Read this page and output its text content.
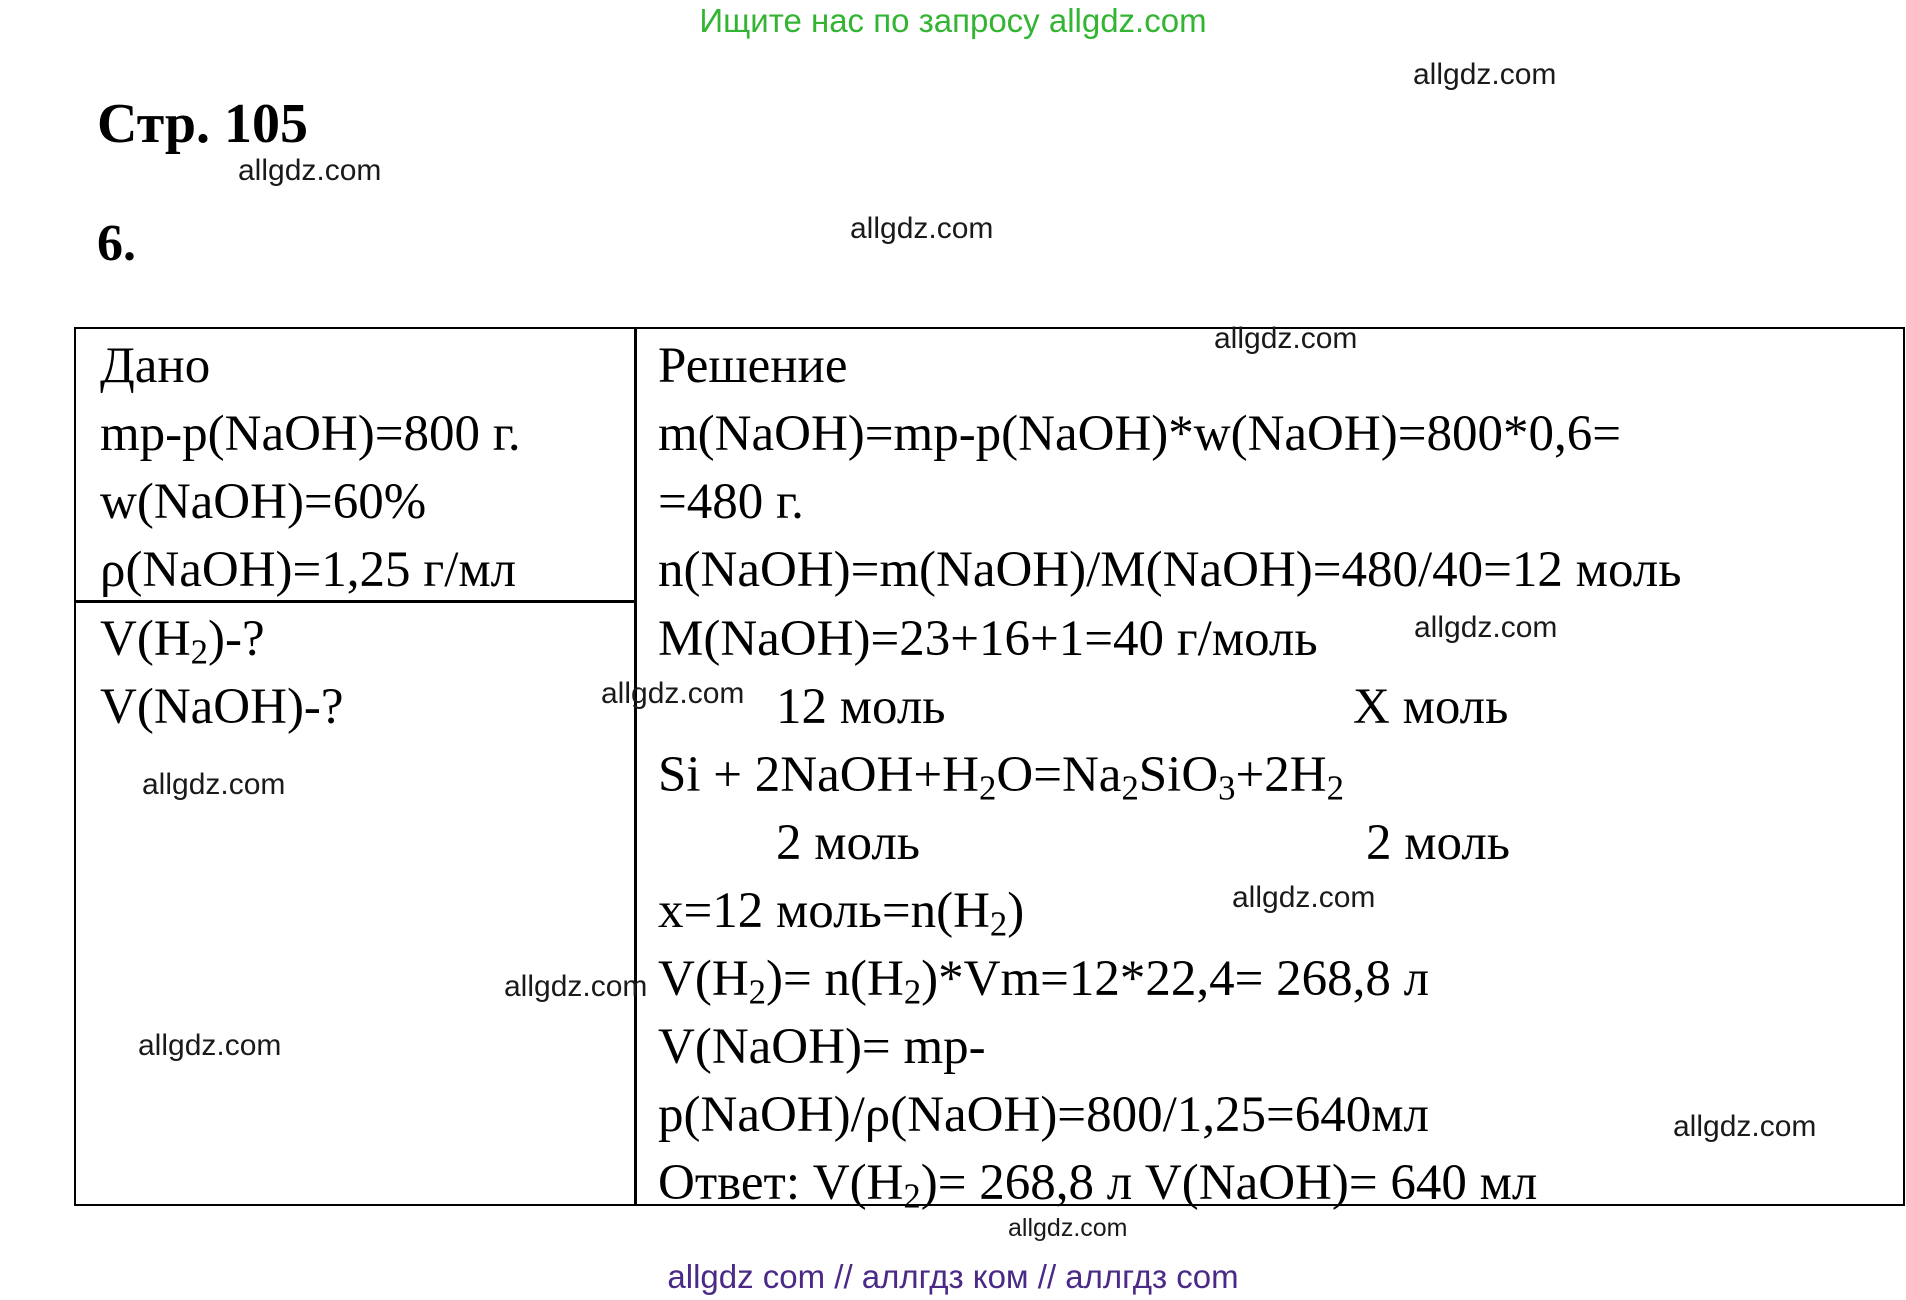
Ищите нас по запросу allgdz.com
allgdz.com
Стр. 105
allgdz.com
6.	allgdz.com
Дано
mр-р(NaOH)=800 г.
w(NaOH)=60%
ρ(NaOH)=1,25 г/мл
$V(H_2)-$?
V(NaOH)-?
Решение
m(NaOH)=mр-р(NaOH)*w(NaOH)=800*0,6=
=480 г.
n(NaOH)=m(NaOH)/M(NaOH)=480/40=12 моль
M(NaOH)=23+16+1=40 г/моль
12 моль	X моль
$Si + 2NaOH+H_2O=Na_2SiO_3+2H_2$
2 моль	2 моль
x=12 $моль=n(H_2)$
$V(H_2)= n(H_2)*Vm=12*22,4= 268,8$ л
V(NaOH)= mр-
р(NaOH)/ρ(NaOH)=800/1,25=640мл
Ответ: $V(H_2)= 268,8$ л V(NaOH)= 640 мл
allgdz.com
allgdz.com
allgdz.com
allgdz.com
allgdz.com
allgdz.com
allgdz.com
allgdz.com
allgdz.com
allgdz com // аллгдз ком // аллгдз com
